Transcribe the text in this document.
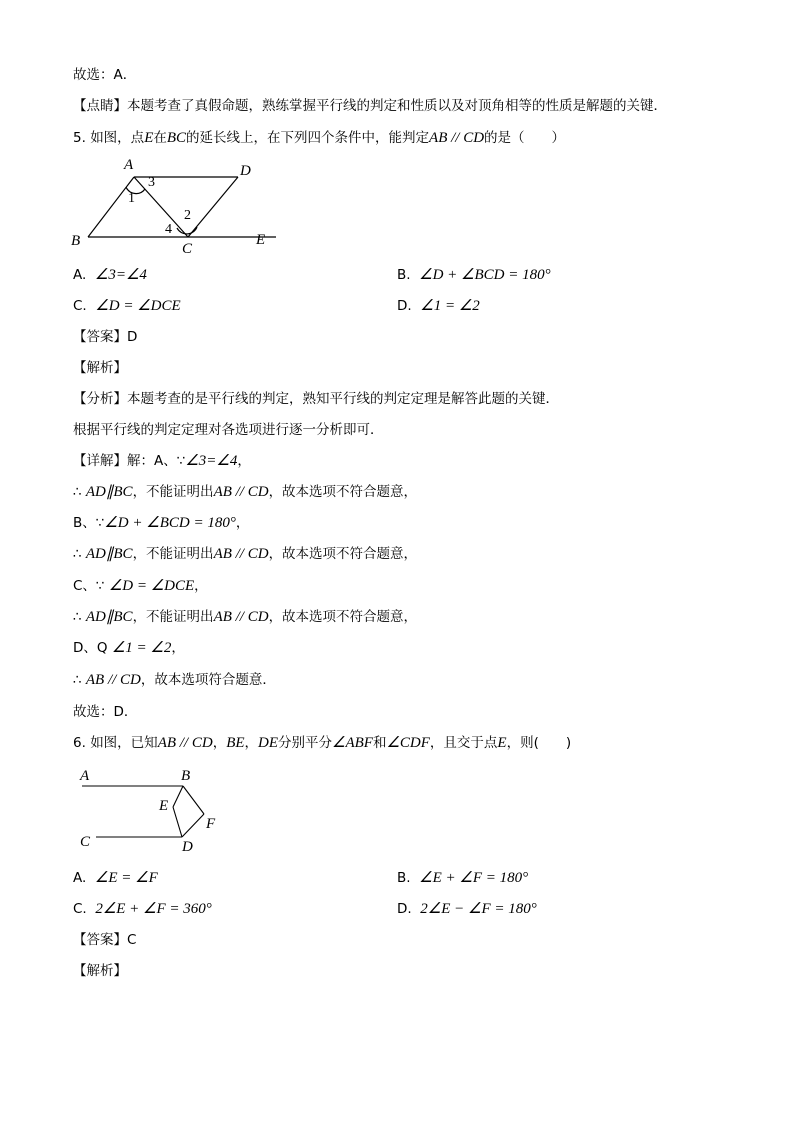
故选：A．
【点睛】本题考查了真假命题，熟练掌握平行线的判定和性质以及对顶角相等的性质是解题的关键．
5. 如图，点E在BC的延长线上，在下列四个条件中，能判定AB // CD的是（　　）
A
B	C
D
E
1
2
3
4
A. ∠3=∠4	B. ∠D + ∠BCD = 180°
C. ∠D = ∠DCE	D. ∠1 = ∠2
【答案】D
【解析】
【分析】本题考查的是平行线的判定，熟知平行线的判定定理是解答此题的关键．
根据平行线的判定定理对各选项进行逐一分析即可．
【详解】解：A、∵∠3=∠4，
∴ AD∥BC，不能证明出AB // CD，故本选项不符合题意，
B、∵∠D + ∠BCD = 180°，
∴ AD∥BC，不能证明出AB // CD，故本选项不符合题意，
C、∵ ∠D = ∠DCE，
∴ AD∥BC，不能证明出AB // CD，故本选项不符合题意，
D、Q ∠1 = ∠2，
∴ AB // CD，故本选项符合题意．
故选：D．
6. 如图，已知AB // CD，BE，DE分别平分∠ABF和∠CDF，且交于点E，则(　　)
A	B
C	D
E
F
A. ∠E = ∠F	B. ∠E + ∠F = 180°
C. 2∠E + ∠F = 360°	D. 2∠E − ∠F = 180°
【答案】C
【解析】
